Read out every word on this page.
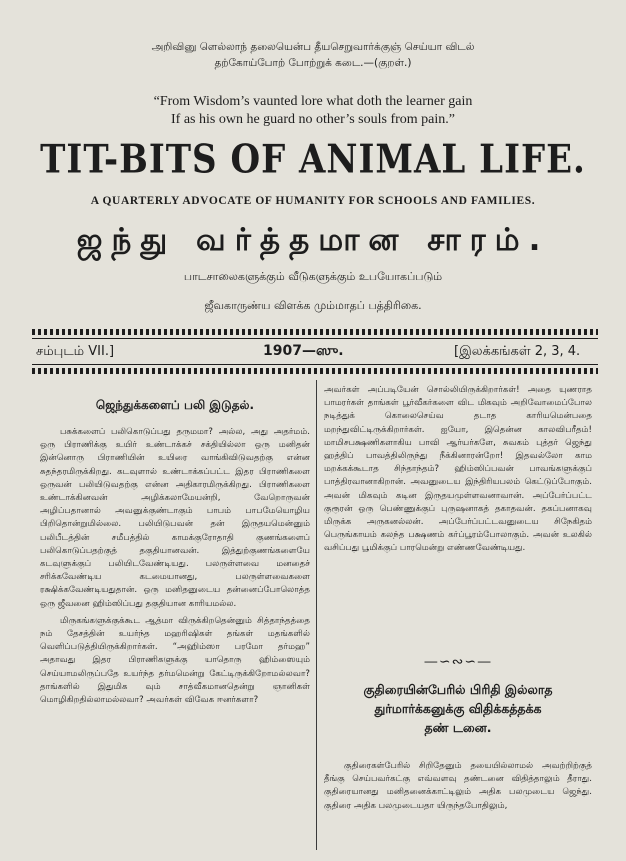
அறிவினு ளெல்லாந் தலையென்ப தீயசெறுவார்க்குஞ் செய்யா விடல்
தற்கோய்போற் போற்றுக் கடை.—(குறள்.)
“From Wisdom’s vaunted lore what doth the learner gain
If as his own he guard no other’s souls from pain.”
TIT-BITS OF ANIMAL LIFE.
A QUARTERLY ADVOCATE OF HUMANITY FOR SCHOOLS AND FAMILIES.
ஜந்து வர்த்தமான சாரம்.
பாடசாலைகளுக்கும் வீடுகளுக்கும் உபயோகப்படும்
ஜீவகாருண்ய விளக்க மும்மாதப் பத்திரிகை.
சம்புடம் VII.]	1907—ஸு.	[இலக்கங்கள் 2, 3, 4.
ஜெந்துக்களைப் பலி இடுதல்.

பசுக்களைப் பலிகொடுப்பது தருமமா? அல்ல, அது அதர்மம். ஒரு பிராணிக்கு உயிர் உண்டாக்கச் சக்தியில்லா ஒரு மனிதன் இன்னொரு பிராணியின் உயிரை வாங்கிவிடுவதற்கு என்ன சுதந்தரமிருக்கிறது. கடவுளால் உண்டாக்கப்பட்ட இதர பிராணிகளை ஒருவன் பலியிடுவதற்கு என்ன அதிகாரமிருக்கிறது. பிராணிகளை உண்டாக்கினவன் அழிக்கலாமேயன்றி, வேறொருவன் அழிப்பதானால் அவனுக்குண்டாகும் பாபம் பாபமேயொழிய பிறிதொன்றுமில்லை. பலியிடுபவன் தன் இருதயமென்னும் பலிபீடத்தின் சமீபத்தில் காமக்குரோதாதி குணங்களைப் பலிகொடுப்பதற்குத் தகுதியானவன். இத்துற்குணங்களையே கடவுளுக்குப் பலியிடவேண்டியது. பலருள்ளவை மனதைச் சரிக்கவேண்டிய கடமையானது, பலருள்ளவைகளை ரக்ஷிக்கவேண்டியதுதான். ஒரு மனிதனுடைய தன்னைப்போலொத்த ஒரு ஜீவனை ஹிம்ஸிப்பது தகுதியான காரியமல்ல.

மிருகங்களுக்குக்கூட ஆத்மா விருக்கிறதென்னும் சித்தாந்தத்தை நம் தேசத்தின் உயர்ந்த மஹரிஷிகள் தங்கள் மதங்களில் வெளிப்படுத்தியிருக்கிறார்கள். “அஹிம்ஸா பரமோ தர்மஹ” அதாவது இதர பிராணிகளுக்கு யாதொரு ஹிம்ஸையும் செய்யாமலிருப்பதே உயர்ந்த தர்மமென்று கேட்டிருக்கிறோமல்லவா? தாங்களில் இதுமிக வும் சாத்வீகமானதென்று ஞானிகள் மொழிகிறதில்லாமல்லவா? அவர்கள் விவேக ஈனர்களா?

அவர்கள் அப்படியேன் சொல்லியிருக்கிறார்கள்! அதை யுணராத பாமரர்கள் தாங்கள் பூர்வீகர்களை விட மிகவும் அறிவோமைப்போல நடித்துக் கொலைசெய்வ தடாத காரியமென்பதை மறந்துவிட்டிருக்கிறார்கள். ஐயோ, இதென்ன காலவிபரீதம்! மாமிசபக்ஷணிகளாகிய பாவி ஆர்யர்களே, சுவகம் புத்தர் ஜெந்து ஹத்திப் பாவத்திலிருந்து நீக்கினாரன்றோ! இதவல்லோ காம மறக்கக்கூடாத சிந்தாந்தம்? ஹிம்ஸிப்பவன் பாவங்களுக்குப் பாத்திரவானாகிறான். அவனுடைய இந்திரியபலம் கெட்டுப்போகும். அவன் மிகவும் கடின இருதயமுள்ளவனாவான். அப்பேர்ப்பட்ட குரூரன் ஒரு பெண்ணுக்குப் புருஷனாகத் தகாதவன். தகப்பனாகவு மிருக்க அருகனல்லன். அப்பேர்ப்பட்டவனுடைய சிநேகிதம் பெருங்காயம் கலந்த பக்ஷணம் கர்ப்பூரம்போலாகும். அவன் உலகில் வசிப்பது பூமிக்குப் பாரமென்று எண்ணவேண்டியது.

—∽∾∽—
குதிரையின்பேரில் பிரிதி இல்லாத
துர்மார்க்கனுக்கு விதிக்கத்தக்க
தண் டனை.

குதிரைகள்பேரில் சிறிதேனும் தயையில்லாமல் அவற்றிற்குத் தீங்கு செய்பவர்கட்கு எவ்வளவு தண்டனை விதித்தாலும் தீராது. குதிரையானது மனிதனைக்காட்டிலும் அதிக பலமுடைய ஜெந்து. குதிரை அதிக பலமுடையதா யிருந்தபோதிலும்,
